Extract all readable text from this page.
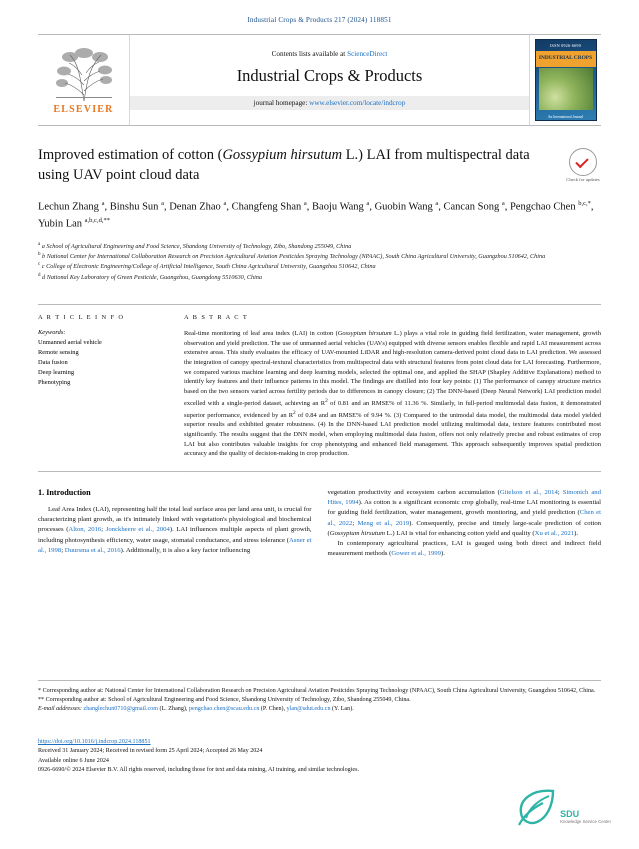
Industrial Crops & Products 217 (2024) 118851
ELSEVIER
Contents lists available at ScienceDirect
Industrial Crops & Products
journal homepage: www.elsevier.com/locate/indcrop
ISSN 0926-6690
INDUSTRIAL CROPS
An International Journal
Improved estimation of cotton (Gossypium hirsutum L.) LAI from multispectral data using UAV point cloud data	Check for updates
Lechun Zhang $^a$, Binshu Sun $^a$, Denan Zhao $^a$, Changfeng Shan $^a$, Baoju Wang $^a$, Guobin Wang $^a$, Cancan Song $^a$, Pengchao Chen $^{b,c,*}$, Yubin Lan $^{a,b,c,d,**}$
$^a$ a School of Agricultural Engineering and Food Science, Shandong University of Technology, Zibo, Shandong 255049, China
$^b$ b National Center for International Collaboration Research on Precision Agricultural Aviation Pesticides Spraying Technology (NPAAC), South China Agricultural University, Guangzhou 510642, China
$^c$ c College of Electronic Engineering/College of Artificial Intelligence, South China Agricultural University, Guangzhou 510642, China
$^d$ d National Key Laboratory of Green Pesticide, Guangzhou, Guangdong 5510630, China
A R T I C L E I N F O
Keywords:
Unmanned aerial vehicle
Remote sensing
Data fusion
Deep learning
Phenotyping
A B S T R A C T
Real-time monitoring of leaf area index (LAI) in cotton (Gossypium hirsutum L.) plays a vital role in guiding field fertilization, water management, growth observation and yield prediction. The use of unmanned aerial vehicles (UAVs) equipped with diverse sensors enables flexible and rapid LAI measurement across extensive areas. This study evaluates the efficacy of UAV-mounted LiDAR and high-resolution camera-derived point cloud data in LAI prediction. We assessed the integration of canopy spectral-textural characteristics from multispectral data with structural features from point cloud data for LAI forecasting. Furthermore, we compared various machine learning and deep learning models, selected the optimal one, and applied the SHAP (Shapley Additive Explanations) method to identify key features and their influence patterns in this model. The findings are distilled into four key points: (1) The performance of canopy structure metrics based on the two sensors varied across fertility periods due to differences in canopy closure; (2) The DNN-based (Deep Neural Network) LAI prediction model excelled with a single-period dataset, achieving an $R^2$ of 0.81 and an RMSE% of 11.36 %. Similarly, in full-period multimodal data fusion, it demonstrated superior performance, evidenced by an $R^2$ of 0.84 and an RMSE% of 9.94 %. (3) Compared to the unimodal data model, the multimodal data model yielded superior results and exhibited greater robustness. (4) In the DNN-based LAI prediction model utilizing multimodal data, texture features contributed most significantly. The results suggest that the DNN model, when employing multimodal data fusion, offers not only relatively precise and robust estimates of crop LAI but also contributes valuable insights for crop phenotyping and enhanced field management. This approach subsequently improves spatial prediction accuracy and the quality of decision-making in crop production.
1. Introduction
Leaf Area Index (LAI), representing half the total leaf surface area per land area unit, is crucial for characterizing plant growth, as it's intimately linked with vegetation's physiological and biochemical processes (Alton, 2016; Jonckheere et al., 2004). LAI influences multiple aspects of plant growth, including photosynthesis efficiency, water usage, stomatal conductance, and stress tolerance (Asner et al., 1998; Duursma et al., 2016). Additionally, it is also a key factor influencing
vegetation productivity and ecosystem carbon accumulation (Gitelson et al., 2014; Simonich and Hites, 1994). As cotton is a significant economic crop globally, real-time LAI monitoring is essential for guiding field fertilization, water management, growth monitoring, and yield prediction (Chen et al., 2022; Meng et al., 2019). Consequently, precise and timely large-scale prediction of cotton (Gossypium hirsutum L.) LAI is vital for enhancing cotton yield and quality (Xu et al., 2021).
In contemporary agricultural practices, LAI is gauged using both direct and indirect field measurement methods (Gower et al., 1999).
* Corresponding author at: National Center for International Collaboration Research on Precision Agricultural Aviation Pesticides Spraying Technology (NPAAC), South China Agricultural University, Guangzhou 510642, China.
** Corresponding author at: School of Agricultural Engineering and Food Science, Shandong University of Technology, Zibo, Shandong 255049, China.
E-mail addresses: zhanglechun0710@gmail.com (L. Zhang), pengchao.chen@scau.edu.cn (P. Chen), ylan@sdut.edu.cn (Y. Lan).
https://doi.org/10.1016/j.indcrop.2024.118851
Received 31 January 2024; Received in revised form 25 April 2024; Accepted 26 May 2024
Available online 6 June 2024
0926-6690/© 2024 Elsevier B.V. All rights reserved, including those for text and data mining, AI training, and similar technologies.
SDU
Knowledge Service Center
